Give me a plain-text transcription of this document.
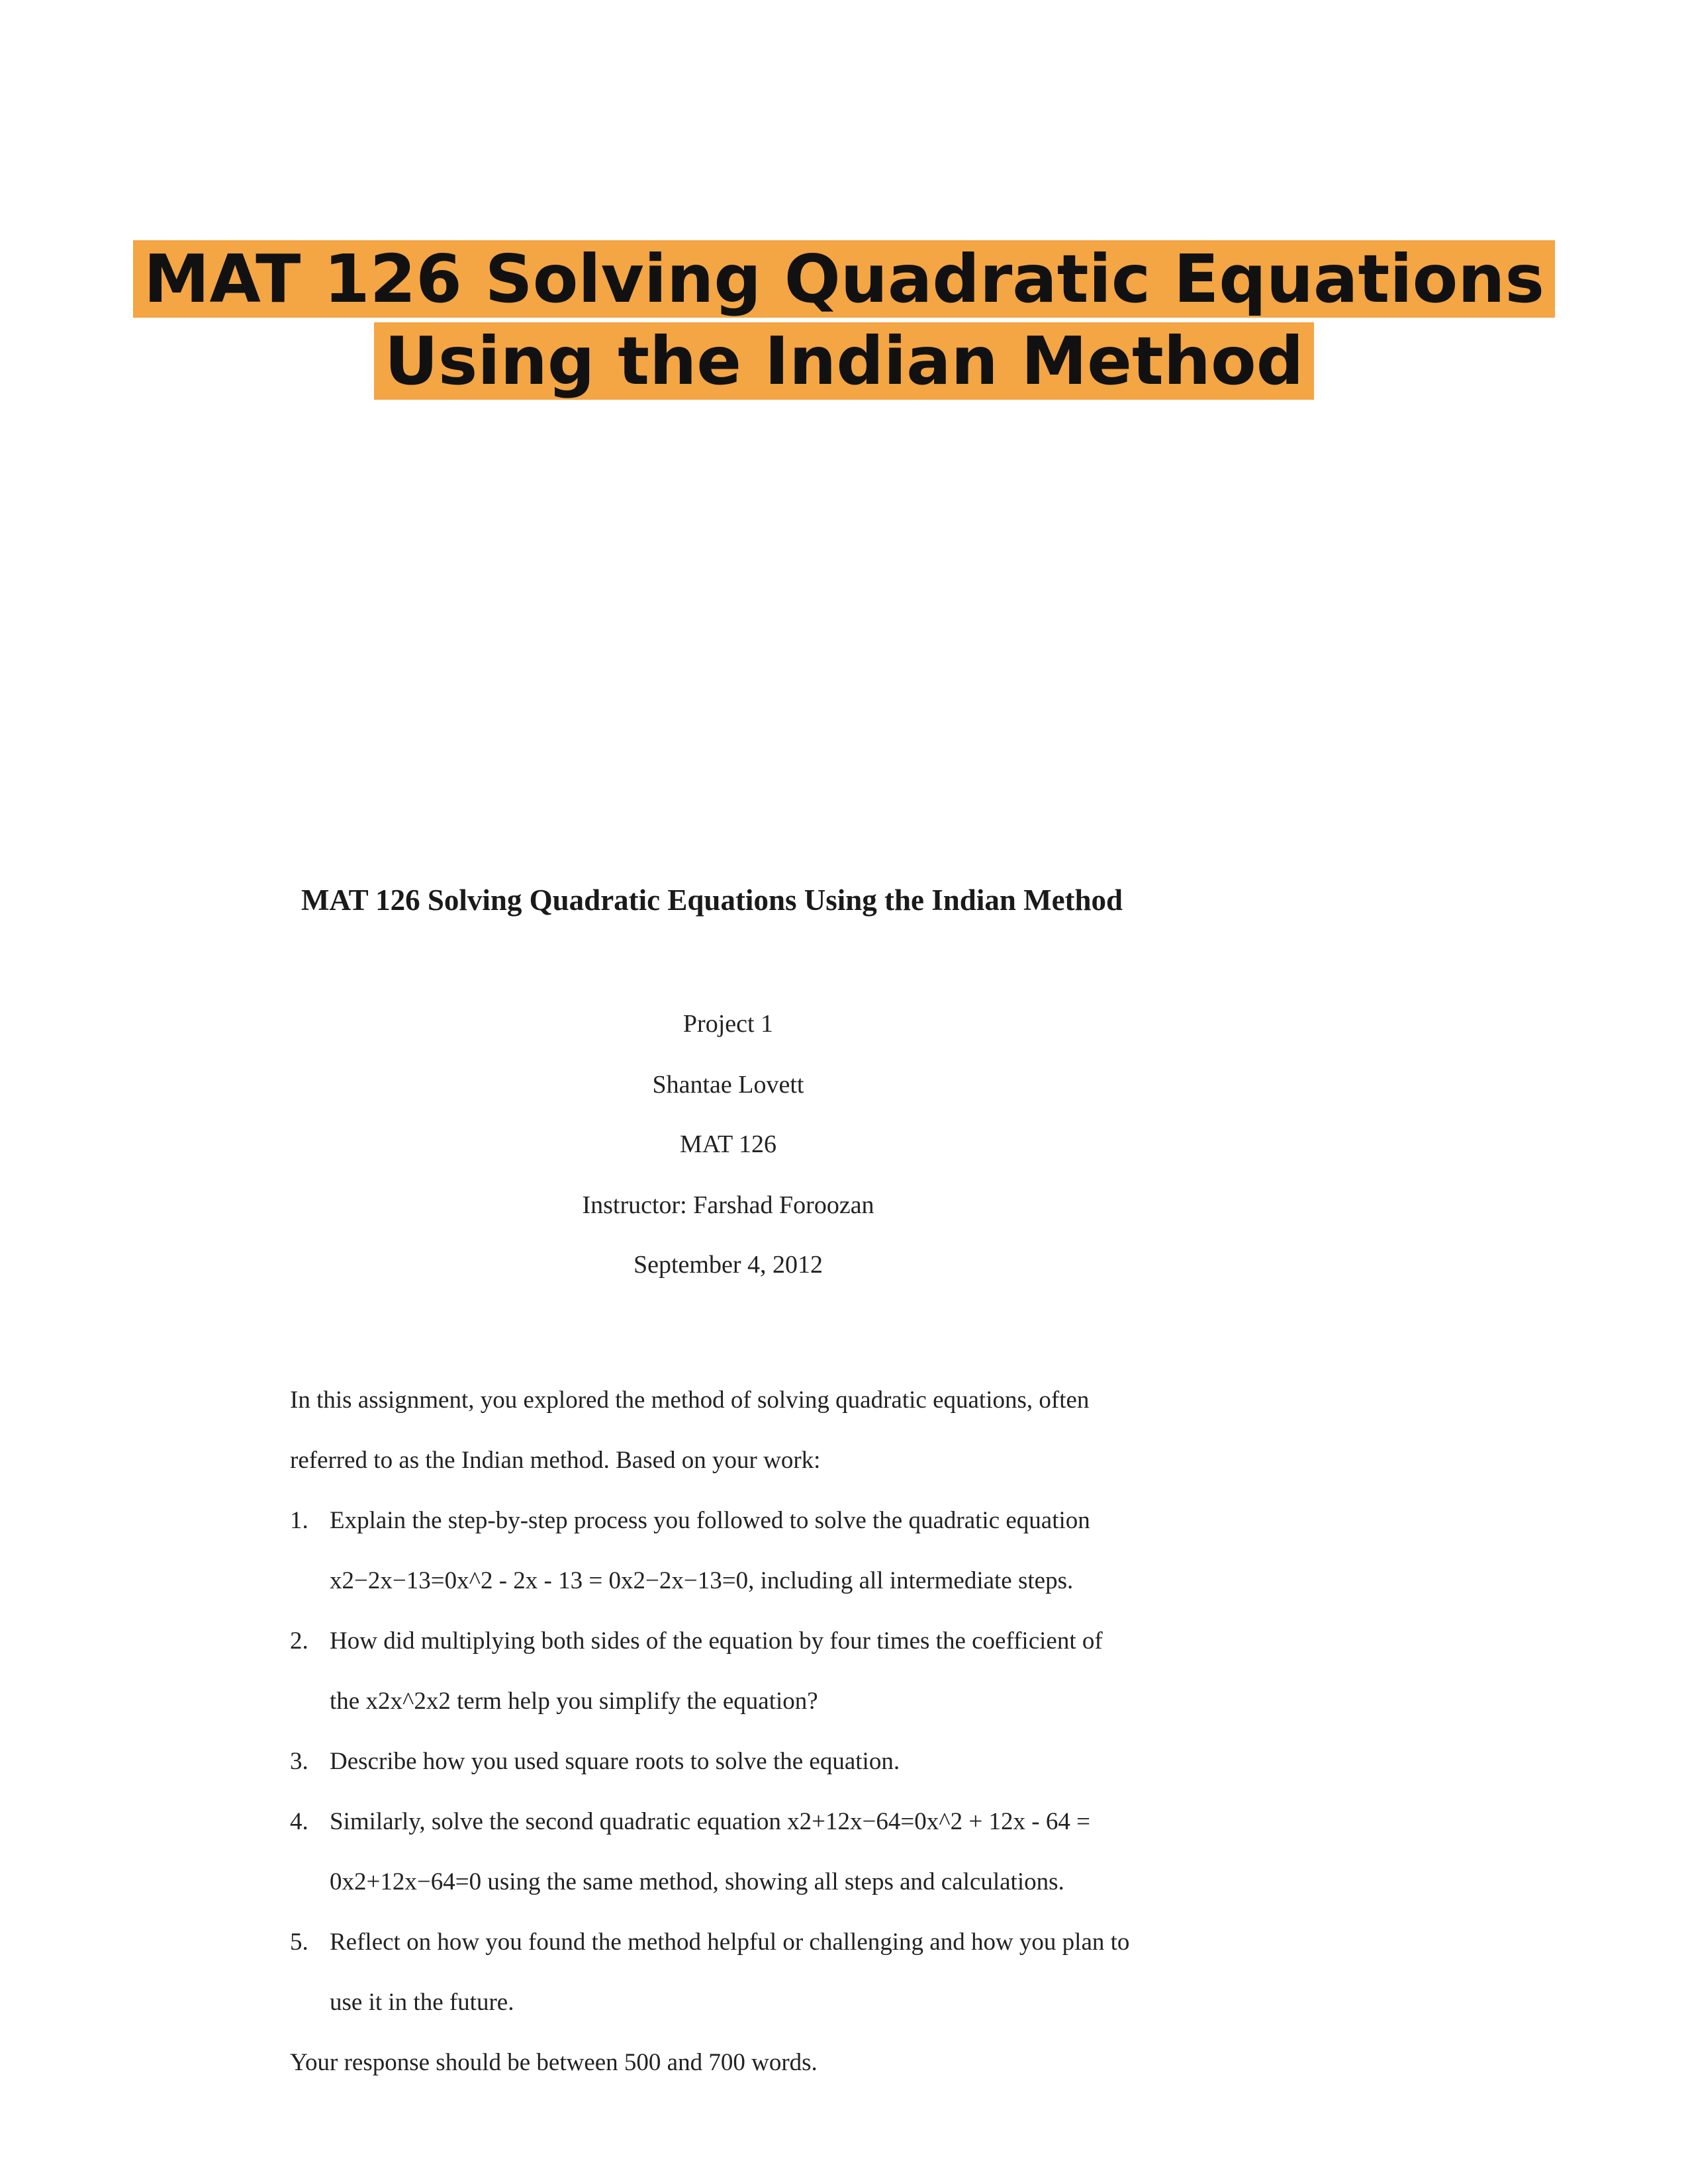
MAT 126 Solving Quadratic Equations
Using the Indian Method
MAT 126 Solving Quadratic Equations Using the Indian Method
Project 1
Shantae Lovett
MAT 126
Instructor: Farshad Foroozan
September 4, 2012

In this assignment, you explored the method of solving quadratic equations, often

referred to as the Indian method. Based on your work:

1. Explain the step-by-step process you followed to solve the quadratic equation
x2−2x−13=0x^2 - 2x - 13 = 0x2−2x−13=0, including all intermediate steps.
2. How did multiplying both sides of the equation by four times the coefficient of
the x2x^2x2 term help you simplify the equation?
3. Describe how you used square roots to solve the equation.
4. Similarly, solve the second quadratic equation x2+12x−64=0x^2 + 12x - 64 =
0x2+12x−64=0 using the same method, showing all steps and calculations.
5. Reflect on how you found the method helpful or challenging and how you plan to
use it in the future.

Your response should be between 500 and 700 words.
